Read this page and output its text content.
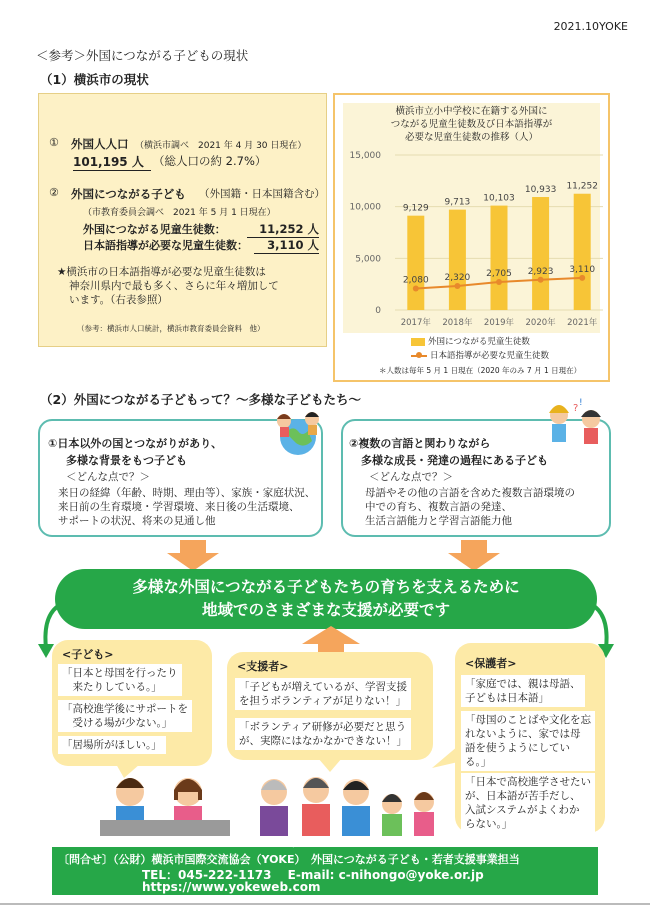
2021.10YOKE
＜参考＞外国につながる子どもの現状
（1）横浜市の現状
① 外国人人口 （横浜市調べ　2021 年 4 月 30 日現在）
101,195 人 （総人口の約 2.7%）
② 外国につながる子ども （外国籍・日本国籍含む）
（市教育委員会調べ　2021 年 5 月 1 日現在）
外国につながる児童生徒数：	11,252 人
日本語指導が必要な児童生徒数：	3,110 人
★横浜市の日本語指導が必要な児童生徒数は
神奈川県内で最も多く、さらに年々増加して
います。（右表参照）
（参考：横浜市人口統計，横浜市教育委員会資料　他）
横浜市立小中学校に在籍する外国に
つながる児童生徒数及び日本語指導が
必要な児童生徒数の推移（人）
15,000
10,000
5,000
0
9,129
2017年
9,713
2018年
10,103
2019年
10,933
2020年
11,252
2021年
2,080 2,320 2,705 2,923 3,110
外国につながる児童生徒数
日本語指導が必要な児童生徒数
＊人数は毎年 5 月 1 日現在（2020 年のみ 7 月 1 日現在）
（2）外国につながる子どもって？～多様な子どもたち～
①日本以外の国とつながりがあり、
多様な背景をもつ子ども
＜どんな点で？＞
来日の経緯（年齢、時期、理由等）、家族・家庭状況、
来日前の生育環境・学習環境、来日後の生活環境、
サポートの状況、将来の見通し他
②複数の言語と関わりながら
多様な成長・発達の過程にある子ども
＜どんな点で？＞
母語やその他の言語を含めた複数言語環境の
中での育ち、複数言語の発達、
生活言語能力と学習言語能力他
? !
多様な外国につながる子どもたちの育ちを支えるために
地域でのさまざまな支援が必要です
<子ども>
「日本と母国を行ったり
　来たりしている。」
「高校進学後にサポートを
　受ける場が少ない。」
「居場所がほしい。」
<支援者>
「子どもが増えているが、学習支援
を担うボランティアが足りない！」
「ボランティア研修が必要だと思う
が、実際にはなかなかできない！」
<保護者>
「家庭では、親は母語、
子どもは日本語」
「母国のことばや文化を忘
れないように、家では母
語を使うようにしてい
る。」
「日本で高校進学させたい
が、日本語が苦手だし、
入試システムがよくわか
らない。」
ヨ ー ク
〔問合せ〕（公財）横浜市国際交流協会（YOKE）　外国につながる子ども・若者支援事業担当
TEL：045-222-1173　 E-mail: c-nihongo@yoke.or.jp
https://www.yokeweb.com
